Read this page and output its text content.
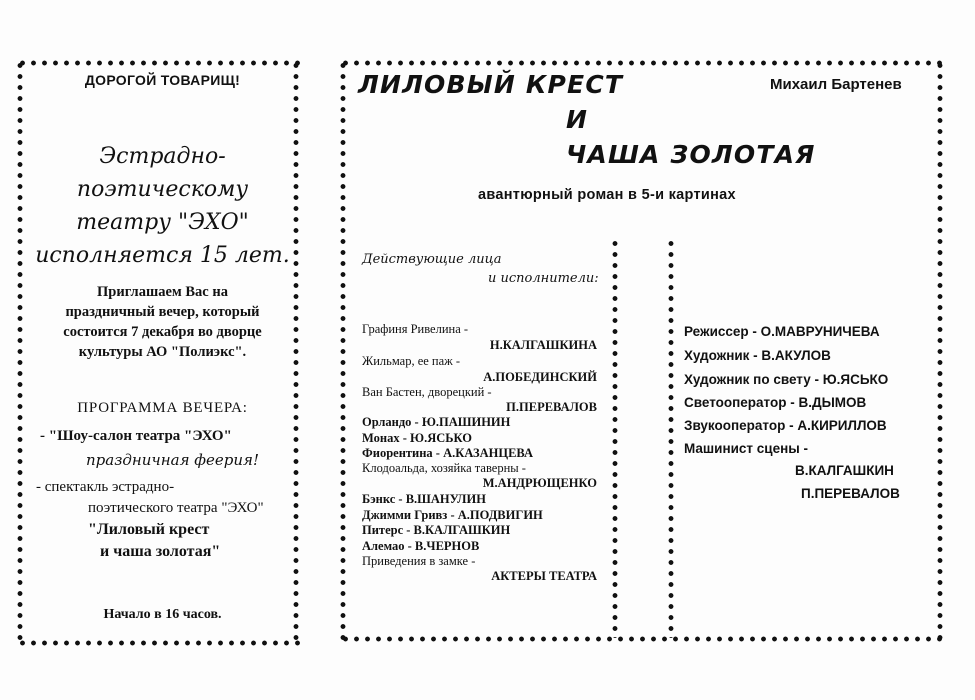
ДОРОГОЙ ТОВАРИЩ!
Эстрадно-поэтическому
театру "ЭХО"
исполняется 15 лет.
Приглашаем Вас на
праздничный вечер, который
состоится 7 декабря во дворце
культуры АО "Полиэкс".
ПРОГРАММА ВЕЧЕРА:
- "Шоу-салон театра "ЭХО"
праздничная феерия!
- спектакль эстрадно-
поэтического театра "ЭХО"
"Лиловый крест
и чаша золотая"
Начало в 16 часов.
ЛИЛОВЫЙ КРЕСТ
И
ЧАША ЗОЛОТАЯ
Михаил Бартенев
авантюрный роман в 5-и картинах
Действующие лица
и исполнители:
Графиня Ривелина -
Н.КАЛГАШКИНА
Жильмар, ее паж -
А.ПОБЕДИНСКИЙ
Ван Бастен, дворецкий -
П.ПЕРЕВАЛОВ
Орландо - Ю.ПАШИНИН
Монах - Ю.ЯСЬКО
Фиорентина - А.КАЗАНЦЕВА
Клодоальда, хозяйка таверны -
М.АНДРЮЩЕНКО
Бэнкс - В.ШАНУЛИН
Джимми Гривз - А.ПОДВИГИН
Питерс - В.КАЛГАШКИН
Алемао - В.ЧЕРНОВ
Приведения в замке -
АКТЕРЫ ТЕАТРА
Режиссер - О.МАВРУНИЧЕВА
Художник - В.АКУЛОВ
Художник по свету - Ю.ЯСЬКО
Светооператор - В.ДЫМОВ
Звукооператор - А.КИРИЛЛОВ
Машинист сцены -
В.КАЛГАШКИН
П.ПЕРЕВАЛОВ
